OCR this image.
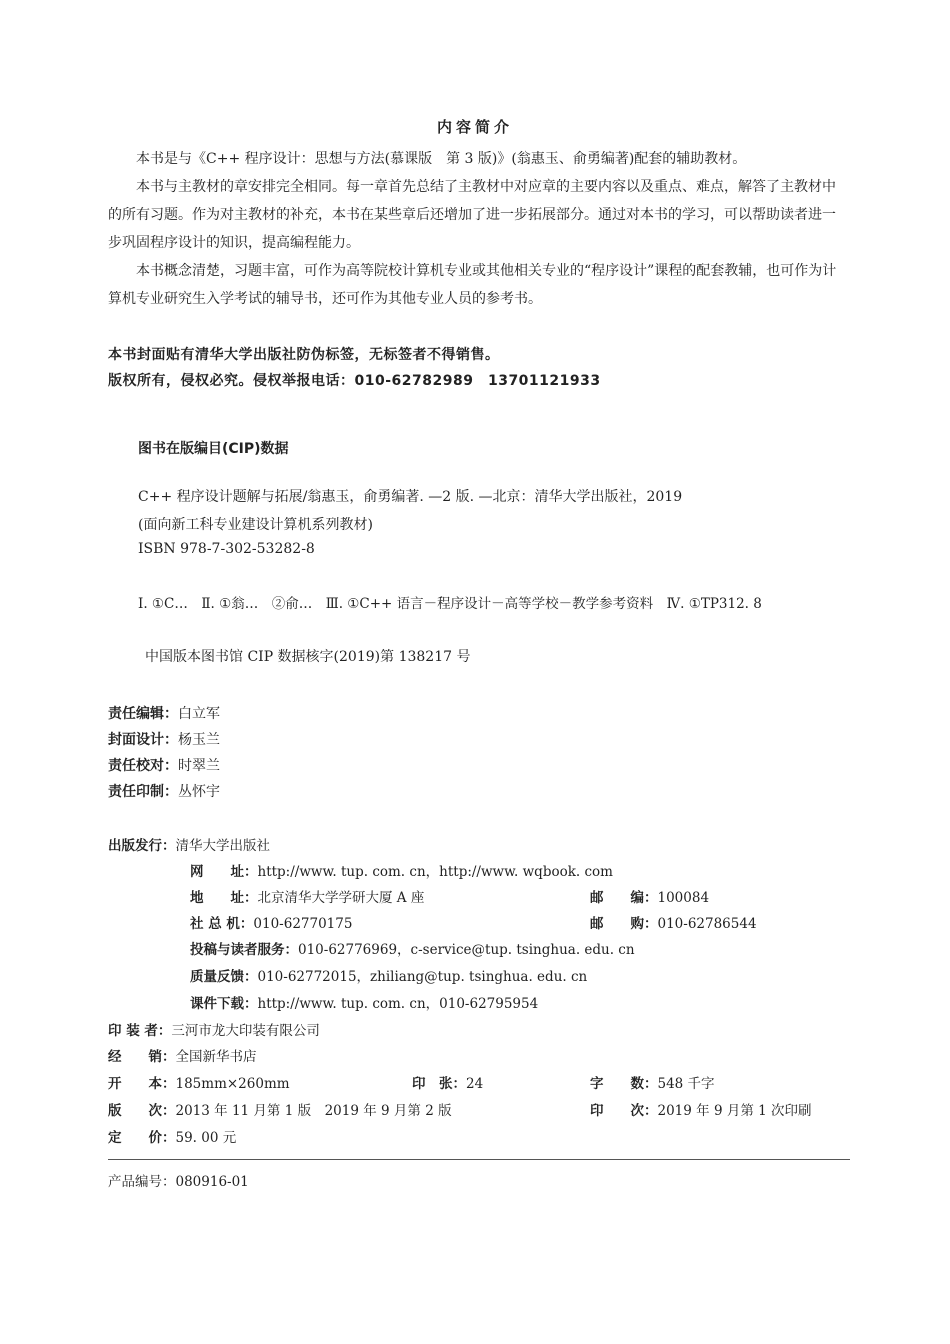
内容简介
本书是与《C++ 程序设计：思想与方法(慕课版　第 3 版)》(翁惠玉、俞勇编著)配套的辅助教材。
本书与主教材的章安排完全相同。每一章首先总结了主教材中对应章的主要内容以及重点、难点，解答了主教材中的所有习题。作为对主教材的补充，本书在某些章后还增加了进一步拓展部分。通过对本书的学习，可以帮助读者进一步巩固程序设计的知识，提高编程能力。
本书概念清楚，习题丰富，可作为高等院校计算机专业或其他相关专业的“程序设计”课程的配套教辅，也可作为计算机专业研究生入学考试的辅导书，还可作为其他专业人员的参考书。
本书封面贴有清华大学出版社防伪标签，无标签者不得销售。
版权所有，侵权必究。侵权举报电话：010-62782989　13701121933
图书在版编目(CIP)数据
C++ 程序设计题解与拓展/翁惠玉，俞勇编著. —2 版. —北京：清华大学出版社，2019
(面向新工科专业建设计算机系列教材)
ISBN 978-7-302-53282-8
Ⅰ. ①C…　Ⅱ. ①翁…　②俞…　Ⅲ. ①C++ 语言－程序设计－高等学校－教学参考资料　Ⅳ. ①TP312. 8
中国版本图书馆 CIP 数据核字(2019)第 138217 号
责任编辑：白立军
封面设计：杨玉兰
责任校对：时翠兰
责任印制：丛怀宇
出版发行：清华大学出版社
网　　址：http://www. tup. com. cn，http://www. wqbook. com
地　　址：北京清华大学学研大厦 A 座	邮　　编：100084
社 总 机：010-62770175	邮　　购：010-62786544
投稿与读者服务：010-62776969，c-service@tup. tsinghua. edu. cn
质量反馈：010-62772015，zhiliang@tup. tsinghua. edu. cn
课件下载：http://www. tup. com. cn，010-62795954
印 装 者：三河市龙大印装有限公司
经　　销：全国新华书店
开　　本：185mm×260mm	印　张：24	字　　数：548 千字
版　　次：2013 年 11 月第 1 版　2019 年 9 月第 2 版	印　　次：2019 年 9 月第 1 次印刷
定　　价：59. 00 元
产品编号：080916-01
